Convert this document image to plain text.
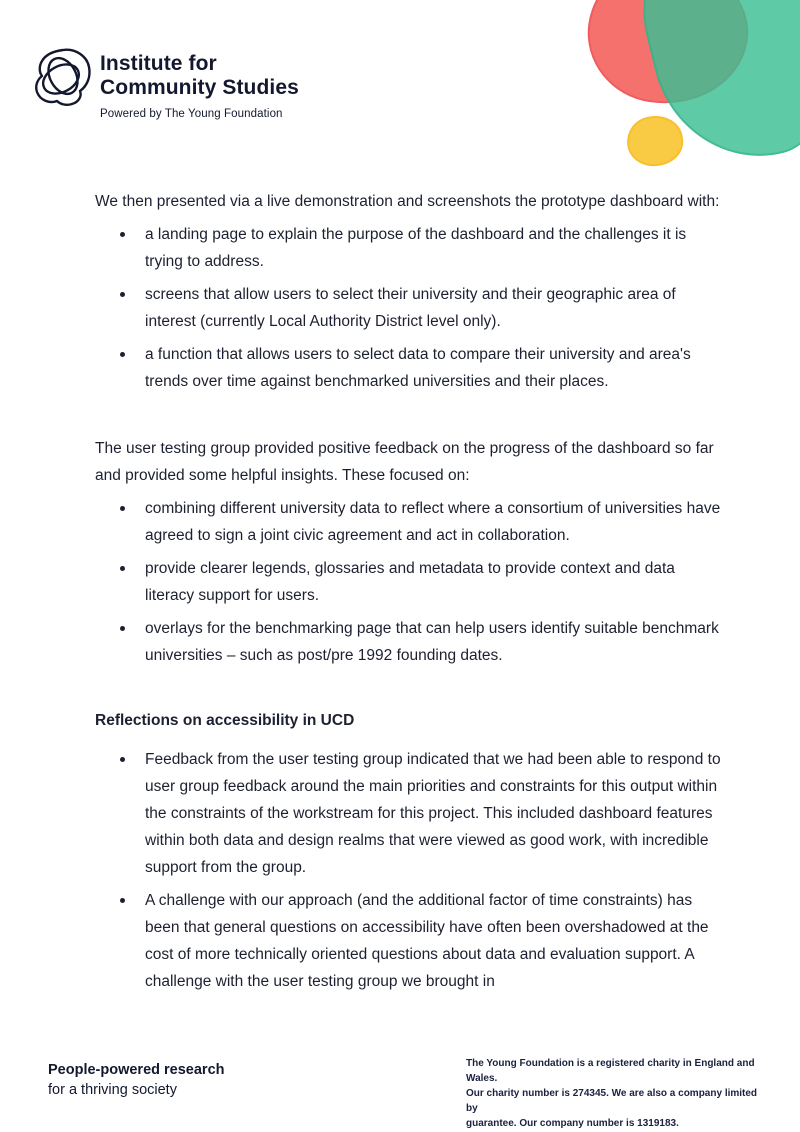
Institute for
Community Studies
Powered by The Young Foundation

We then presented via a live demonstration and screenshots the prototype dashboard with:

a landing page to explain the purpose of the dashboard and the challenges it is trying to address.
screens that allow users to select their university and their geographic area of interest (currently Local Authority District level only).
a function that allows users to select data to compare their university and area's trends over time against benchmarked universities and their places.

The user testing group provided positive feedback on the progress of the dashboard so far and provided some helpful insights. These focused on:

combining different university data to reflect where a consortium of universities have agreed to sign a joint civic agreement and act in collaboration.
provide clearer legends, glossaries and metadata to provide context and data literacy support for users.
overlays for the benchmarking page that can help users identify suitable benchmark universities – such as post/pre 1992 founding dates.

Reflections on accessibility in UCD

Feedback from the user testing group indicated that we had been able to respond to user group feedback around the main priorities and constraints for this output within the constraints of the workstream for this project. This included dashboard features within both data and design realms that were viewed as good work, with incredible support from the group.
A challenge with our approach (and the additional factor of time constraints) has been that general questions on accessibility have often been overshadowed at the cost of more technically oriented questions about data and evaluation support. A challenge with the user testing group we brought in
People-powered research
for a thriving society
The Young Foundation is a registered charity in England and Wales.
Our charity number is 274345. We are also a company limited by
guarantee. Our company number is 1319183.
